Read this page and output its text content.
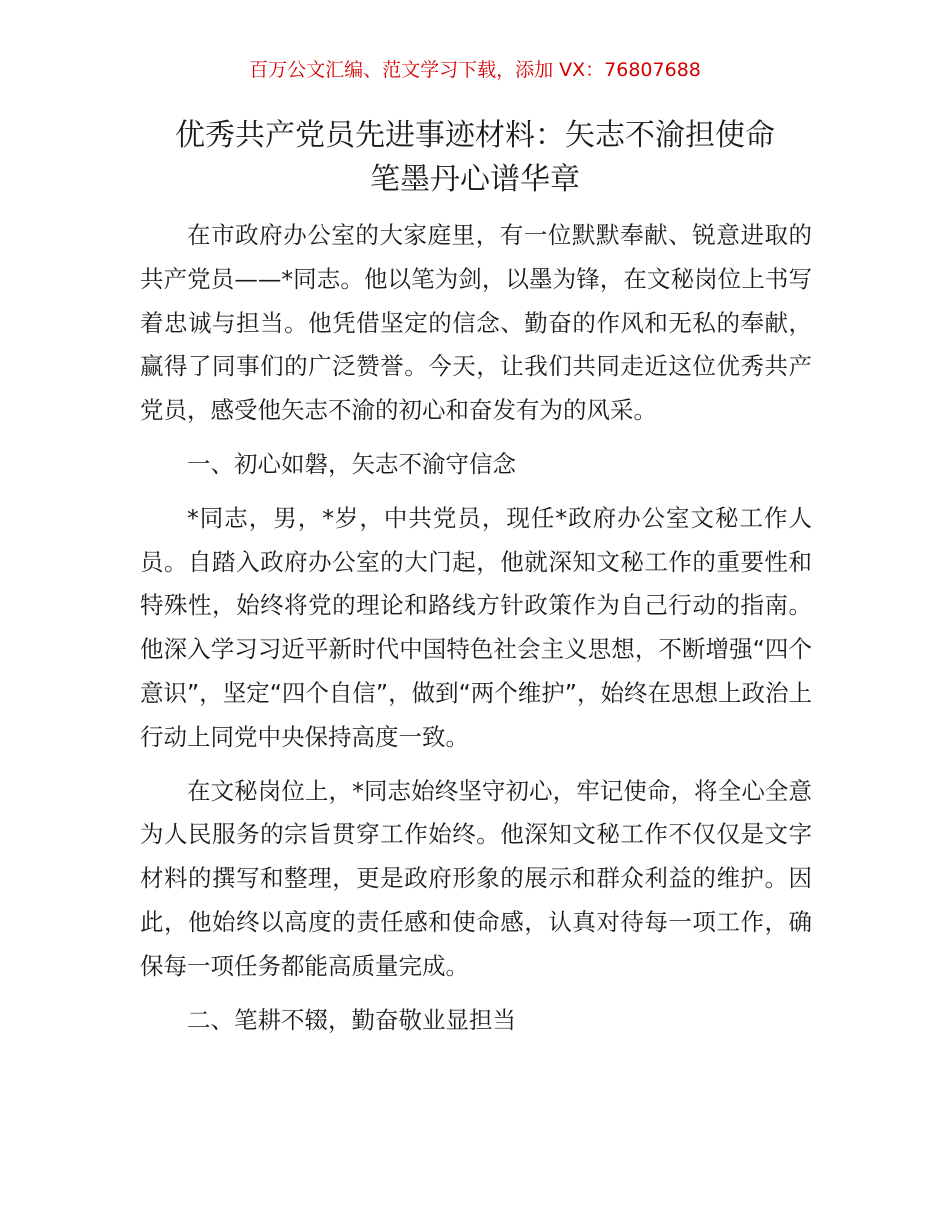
百万公文汇编、范文学习下载，添加 VX：76807688
优秀共产党员先进事迹材料：矢志不渝担使命
笔墨丹心谱华章

在市政府办公室的大家庭里，有一位默默奉献、锐意进取的共产党员——*同志。他以笔为剑，以墨为锋，在文秘岗位上书写着忠诚与担当。他凭借坚定的信念、勤奋的作风和无私的奉献，赢得了同事们的广泛赞誉。今天，让我们共同走近这位优秀共产党员，感受他矢志不渝的初心和奋发有为的风采。

一、初心如磐，矢志不渝守信念

*同志，男，*岁，中共党员，现任*政府办公室文秘工作人员。自踏入政府办公室的大门起，他就深知文秘工作的重要性和特殊性，始终将党的理论和路线方针政策作为自己行动的指南。他深入学习习近平新时代中国特色社会主义思想，不断增强“四个意识”，坚定“四个自信”，做到“两个维护”，始终在思想上政治上行动上同党中央保持高度一致。

在文秘岗位上，*同志始终坚守初心，牢记使命，将全心全意为人民服务的宗旨贯穿工作始终。他深知文秘工作不仅仅是文字材料的撰写和整理，更是政府形象的展示和群众利益的维护。因此，他始终以高度的责任感和使命感，认真对待每一项工作，确保每一项任务都能高质量完成。

二、笔耕不辍，勤奋敬业显担当
